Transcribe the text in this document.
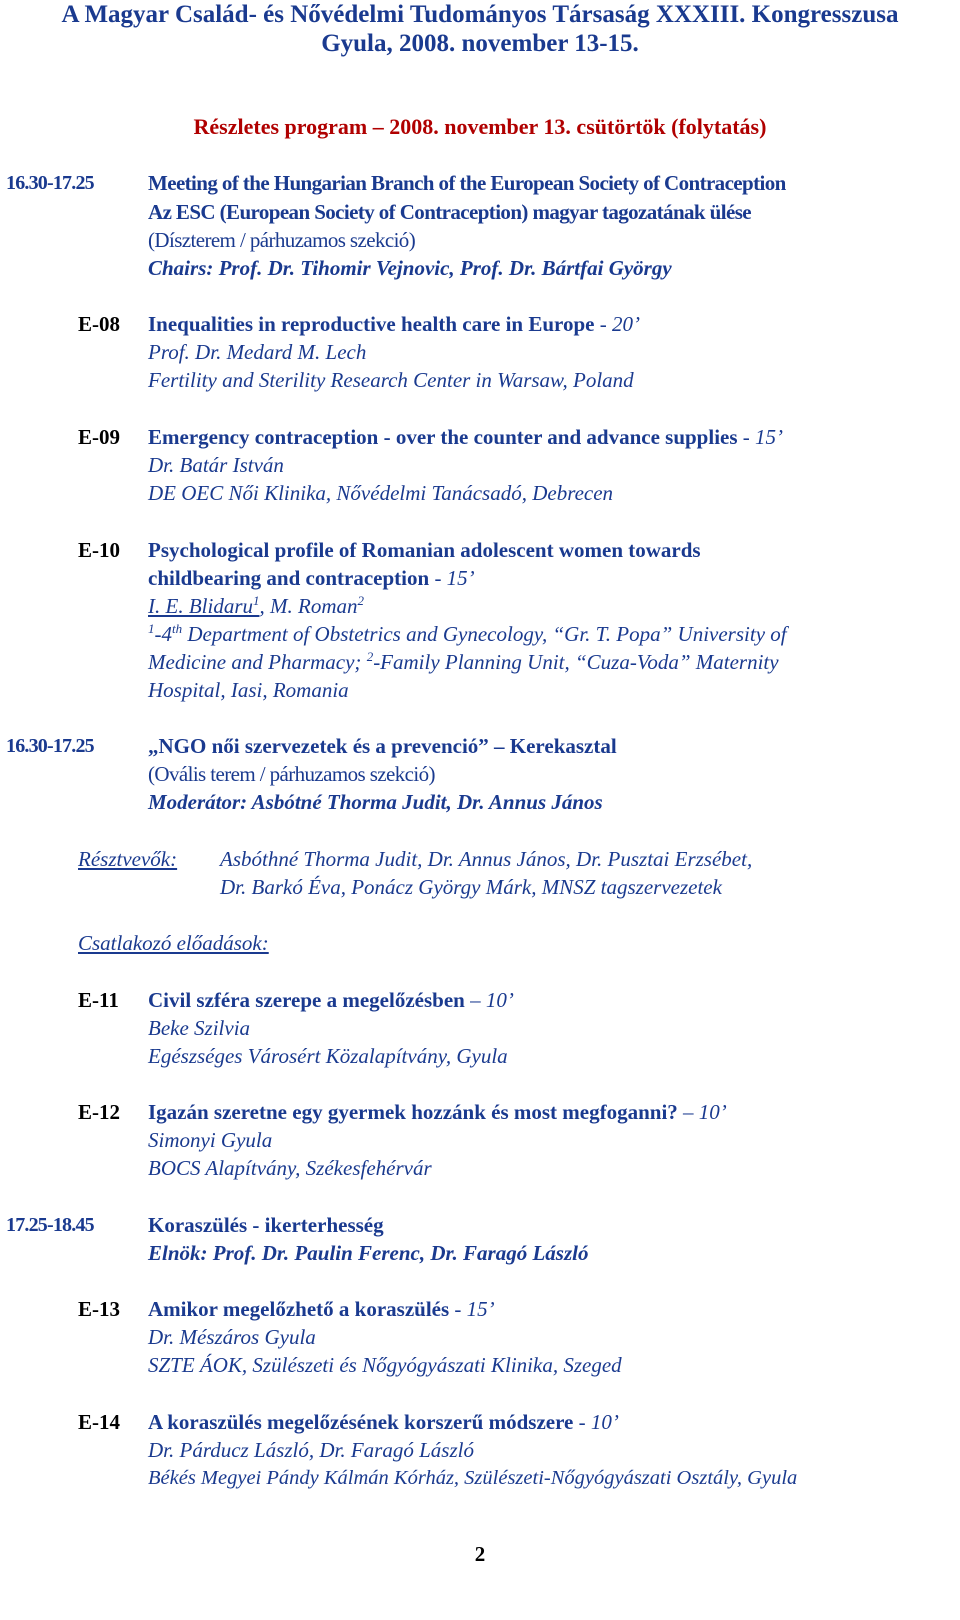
A Magyar Család- és Nővédelmi Tudományos Társaság XXXIII. Kongresszusa
Gyula, 2008. november 13-15.
Részletes program – 2008. november 13. csütörtök (folytatás)
16.30-17.25	Meeting of the Hungarian Branch of the European Society of Contraception
Az ESC (European Society of Contraception) magyar tagozatának ülése
(Díszterem / párhuzamos szekció)
Chairs: Prof. Dr. Tihomir Vejnovic, Prof. Dr. Bártfai György
E-08 Inequalities in reproductive health care in Europe - 20’
Prof. Dr. Medard M. Lech
Fertility and Sterility Research Center in Warsaw, Poland
E-09 Emergency contraception - over the counter and advance supplies - 15’
Dr. Batár István
DE OEC Női Klinika, Nővédelmi Tanácsadó, Debrecen
E-10 Psychological profile of Romanian adolescent women towards
childbearing and contraception - 15’
I. E. Blidaru$^1$, M. Roman$^2$
$^1$-4th Department of Obstetrics and Gynecology, “Gr. T. Popa” University of
Medicine and Pharmacy; $^2$-Family Planning Unit, “Cuza-Voda” Maternity
Hospital, Iasi, Romania
16.30-17.25	„NGO női szervezetek és a prevenció” – Kerekasztal
(Ovális terem / párhuzamos szekció)
Moderátor: Asbótné Thorma Judit, Dr. Annus János
Résztvevők: Asbóthné Thorma Judit, Dr. Annus János, Dr. Pusztai Erzsébet,
Dr. Barkó Éva, Ponácz György Márk, MNSZ tagszervezetek
Csatlakozó előadások:
E-11 Civil szféra szerepe a megelőzésben – 10’
Beke Szilvia
Egészséges Városért Közalapítvány, Gyula
E-12 Igazán szeretne egy gyermek hozzánk és most megfoganni? – 10’
Simonyi Gyula
BOCS Alapítvány, Székesfehérvár
17.25-18.45	Koraszülés - ikerterhesség
Elnök: Prof. Dr. Paulin Ferenc, Dr. Faragó László
E-13 Amikor megelőzhető a koraszülés - 15’
Dr. Mészáros Gyula
SZTE ÁOK, Szülészeti és Nőgyógyászati Klinika, Szeged
E-14 A koraszülés megelőzésének korszerű módszere - 10’
Dr. Párducz László, Dr. Faragó László
Békés Megyei Pándy Kálmán Kórház, Szülészeti-Nőgyógyászati Osztály, Gyula
2
